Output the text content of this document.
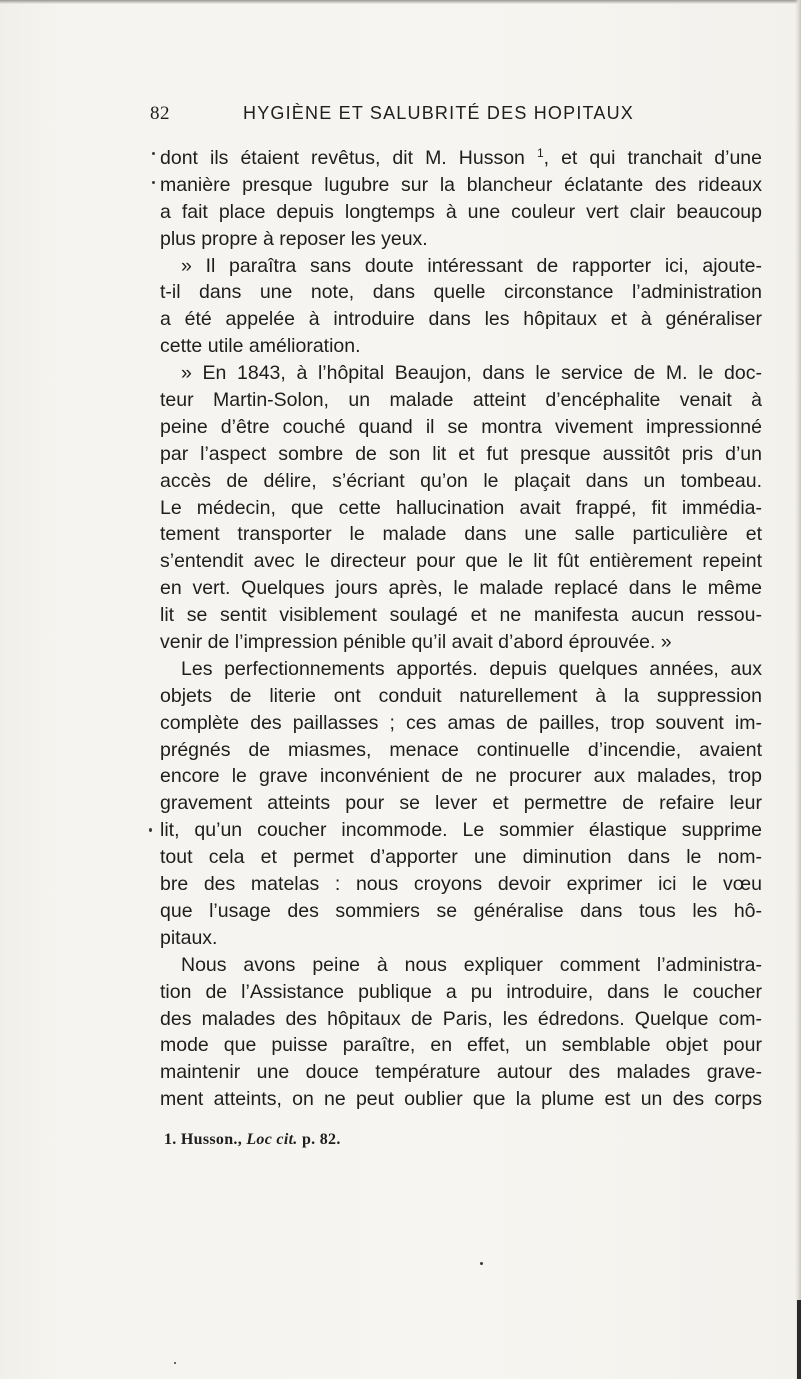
82	HYGIÈNE ET SALUBRITÉ DES HOPITAUX
dont ils étaient revêtus, dit M. Husson $^1$, et qui tranchait d’une
manière presque lugubre sur la blancheur éclatante des rideaux
a fait place depuis longtemps à une couleur vert clair beaucoup
plus propre à reposer les yeux.
» Il paraîtra sans doute intéressant de rapporter ici, ajoute-
t-il dans une note, dans quelle circonstance l’administration
a été appelée à introduire dans les hôpitaux et à généraliser
cette utile amélioration.
» En 1843, à l’hôpital Beaujon, dans le service de M. le doc-
teur Martin-Solon, un malade atteint d’encéphalite venait à
peine d’être couché quand il se montra vivement impressionné
par l’aspect sombre de son lit et fut presque aussitôt pris d’un
accès de délire, s’écriant qu’on le plaçait dans un tombeau.
Le médecin, que cette hallucination avait frappé, fit immédia-
tement transporter le malade dans une salle particulière et
s’entendit avec le directeur pour que le lit fût entièrement repeint
en vert. Quelques jours après, le malade replacé dans le même
lit se sentit visiblement soulagé et ne manifesta aucun ressou-
venir de l’impression pénible qu’il avait d’abord éprouvée. »
Les perfectionnements apportés. depuis quelques années, aux
objets de literie ont conduit naturellement à la suppression
complète des paillasses ; ces amas de pailles, trop souvent im-
prégnés de miasmes, menace continuelle d’incendie, avaient
encore le grave inconvénient de ne procurer aux malades, trop
gravement atteints pour se lever et permettre de refaire leur
lit, qu’un coucher incommode. Le sommier élastique supprime
tout cela et permet d’apporter une diminution dans le nom-
bre des matelas : nous croyons devoir exprimer ici le vœu
que l’usage des sommiers se généralise dans tous les hô-
pitaux.
Nous avons peine à nous expliquer comment l’administra-
tion de l’Assistance publique a pu introduire, dans le coucher
des malades des hôpitaux de Paris, les édredons. Quelque com-
mode que puisse paraître, en effet, un semblable objet pour
maintenir une douce température autour des malades grave-
ment atteints, on ne peut oublier que la plume est un des corps
1. Husson., Loc cit. p. 82.
